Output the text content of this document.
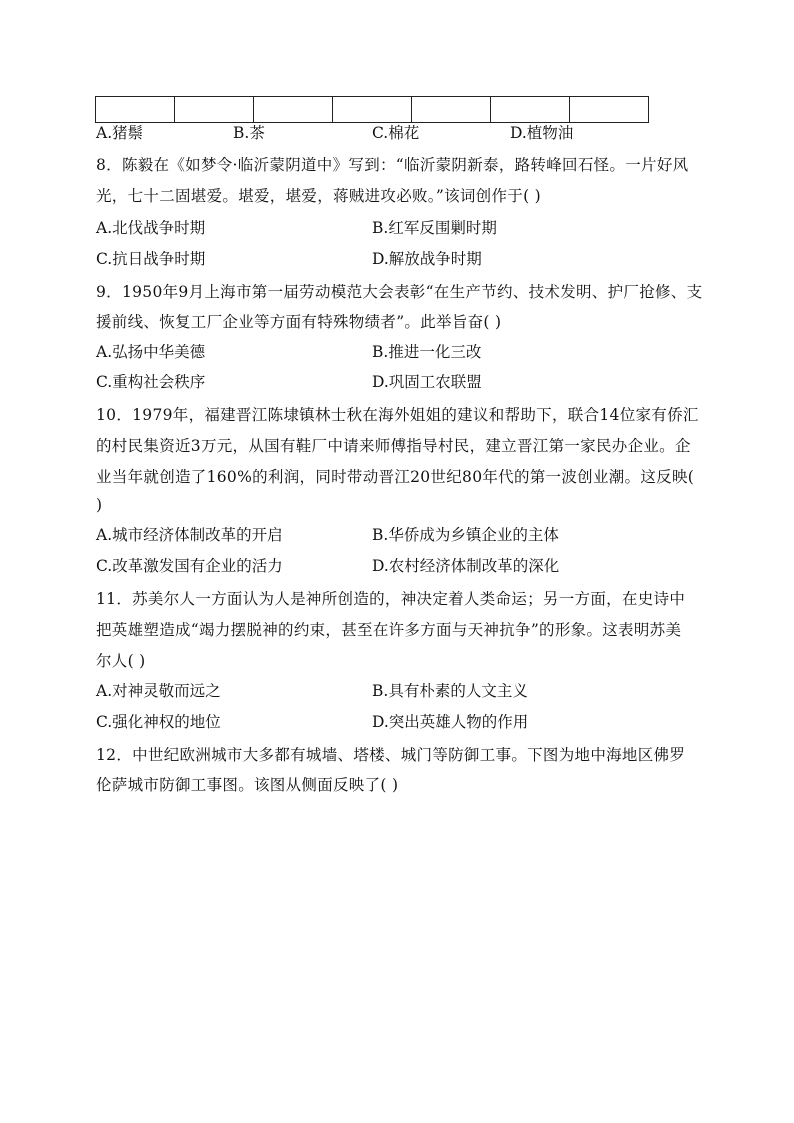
A.猪鬃	B.茶	C.棉花	D.植物油
8．陈毅在《如梦令·临沂蒙阴道中》写到：“临沂蒙阴新泰，路转峰回石怪。一片好风
光，七十二固堪爱。堪爱，堪爱，蒋贼进攻必败。”该词创作于( )
A.北伐战争时期	B.红军反围剿时期
C.抗日战争时期	D.解放战争时期
9．1950年9月上海市第一届劳动模范大会表彰“在生产节约、技术发明、护厂抢修、支
援前线、恢复工厂企业等方面有特殊物绩者”。此举旨奋( )
A.弘扬中华美德	B.推进一化三改
C.重构社会秩序	D.巩固工农联盟
10．1979年，福建晋江陈埭镇林士秋在海外姐姐的建议和帮助下，联合14位家有侨汇
的村民集资近3万元，从国有鞋厂中请来师傅指导村民，建立晋江第一家民办企业。企
业当年就创造了160%的利润，同时带动晋江20世纪80年代的第一波创业潮。这反映(
)
A.城市经济体制改革的开启	B.华侨成为乡镇企业的主体
C.改革激发国有企业的活力	D.农村经济体制改革的深化
11．苏美尔人一方面认为人是神所创造的，神决定着人类命运；另一方面，在史诗中
把英雄塑造成“竭力摆脱神的约束，甚至在许多方面与天神抗争”的形象。这表明苏美
尔人( )
A.对神灵敬而远之	B.具有朴素的人文主义
C.强化神权的地位	D.突出英雄人物的作用
12．中世纪欧洲城市大多都有城墙、塔楼、城门等防御工事。下图为地中海地区佛罗
伦萨城市防御工事图。该图从侧面反映了( )
